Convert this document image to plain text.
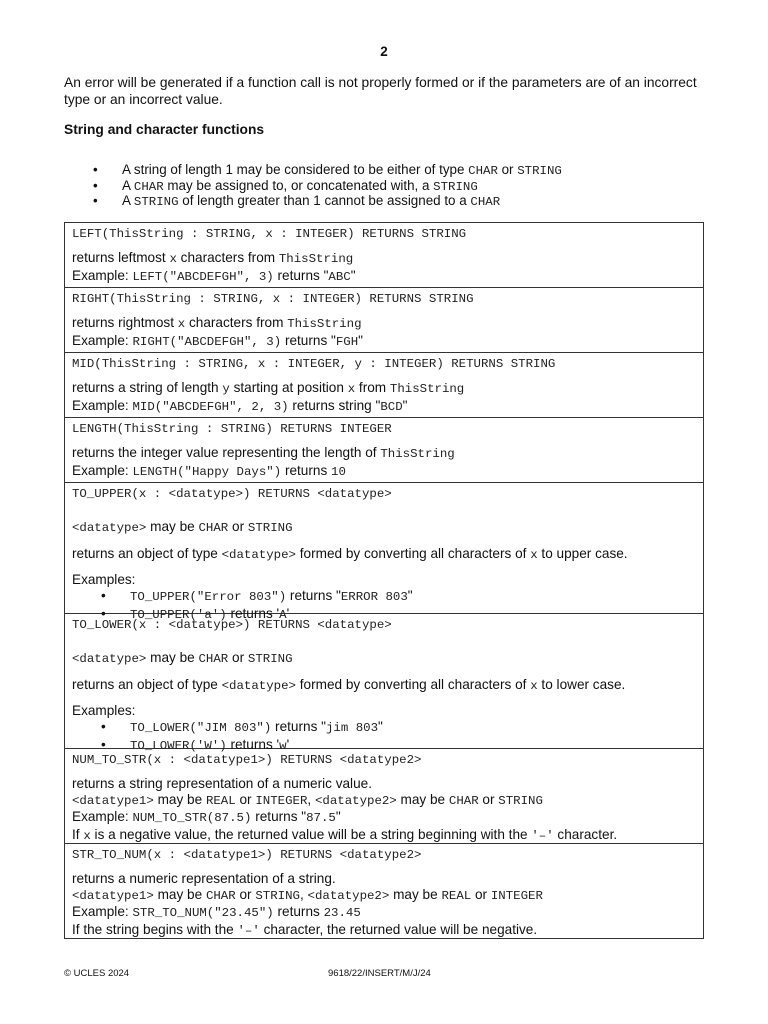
2

An error will be generated if a function call is not properly formed or if the parameters are of an incorrect type or an incorrect value.

String and character functions
• A string of length 1 may be considered to be either of type CHAR or STRING
• A CHAR may be assigned to, or concatenated with, a STRING
• A STRING of length greater than 1 cannot be assigned to a CHAR
LEFT(ThisString : STRING, x : INTEGER) RETURNS STRING
returns leftmost x characters from ThisString
Example: LEFT("ABCDEFGH", 3) returns "ABC"

RIGHT(ThisString : STRING, x : INTEGER) RETURNS STRING
returns rightmost x characters from ThisString
Example: RIGHT("ABCDEFGH", 3) returns "FGH"

MID(ThisString : STRING, x : INTEGER, y : INTEGER) RETURNS STRING
returns a string of length y starting at position x from ThisString
Example: MID("ABCDEFGH", 2, 3) returns string "BCD"

LENGTH(ThisString : STRING) RETURNS INTEGER
returns the integer value representing the length of ThisString
Example: LENGTH("Happy Days") returns 10

TO_UPPER(x : <datatype>) RETURNS <datatype>
<datatype> may be CHAR or STRING
returns an object of type <datatype> formed by converting all characters of x to upper case.
Examples:
• TO_UPPER("Error 803") returns "ERROR 803"
• TO_UPPER('a') returns 'A'

TO_LOWER(x : <datatype>) RETURNS <datatype>
<datatype> may be CHAR or STRING
returns an object of type <datatype> formed by converting all characters of x to lower case.
Examples:
• TO_LOWER("JIM 803") returns "jim 803"
• TO_LOWER('W') returns 'w'

NUM_TO_STR(x : <datatype1>) RETURNS <datatype2>
returns a string representation of a numeric value.
<datatype1> may be REAL or INTEGER, <datatype2> may be CHAR or STRING
Example: NUM_TO_STR(87.5) returns "87.5"
If x is a negative value, the returned value will be a string beginning with the '–' character.

STR_TO_NUM(x : <datatype1>) RETURNS <datatype2>
returns a numeric representation of a string.
<datatype1> may be CHAR or STRING, <datatype2> may be REAL or INTEGER
Example: STR_TO_NUM("23.45") returns 23.45
If the string begins with the '–' character, the returned value will be negative.
© UCLES 2024	9618/22/INSERT/M/J/24
